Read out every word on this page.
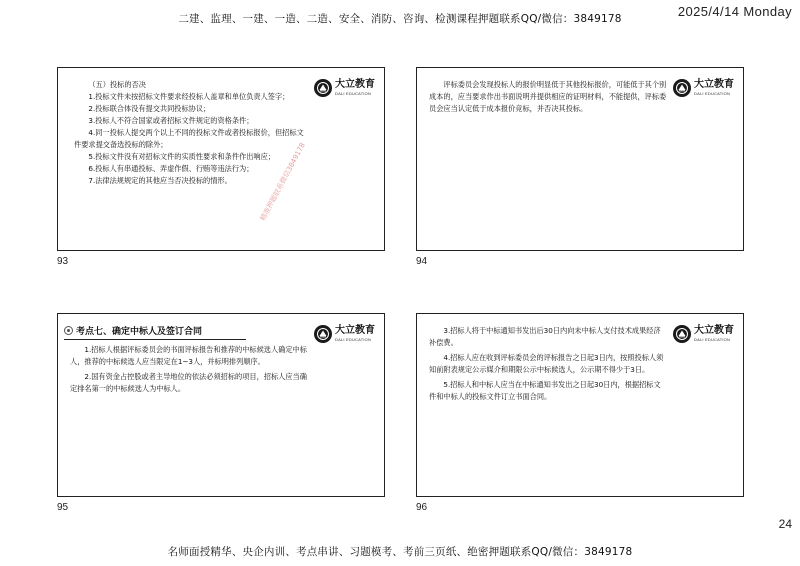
二建、监理、一建、一造、二造、安全、消防、咨询、检测课程押题联系QQ/微信：3849178	2025/4/14 Monday
大立教育
DALI EDUCATION
（五）投标的否决

1.投标文件未按招标文件要求经投标人盖章和单位负责人签字；

2.投标联合体没有提交共同投标协议；

3.投标人不符合国家或者招标文件规定的资格条件；

4.同一投标人提交两个以上不同的投标文件或者投标报价，但招标文件要求提交备选投标的除外；

5.投标文件没有对招标文件的实质性要求和条件作出响应；

6.投标人有串通投标、弄虚作假、行贿等违法行为；

7.法律法规规定的其他应当否决投标的情形。	精准押题联系微信3849178
93
大立教育
DALI EDUCATION

评标委员会发现投标人的报价明显低于其他投标报价，可能低于其个别成本的，应当要求作出书面说明并提供相应的证明材料，不能提供，评标委员会应当认定低于成本报价竞标，并否决其投标。

94
考点七、确定中标人及签订合同	大立教育
DALI EDUCATION

1.招标人根据评标委员会的书面评标报告和推荐的中标候选人确定中标人，推荐的中标候选人应当限定在1~3人，并标明排列顺序。

2.国有资金占控股或者主导地位的依法必须招标的项目，招标人应当确定排名第一的中标候选人为中标人。

95
大立教育
DALI EDUCATION

3.招标人将于中标通知书发出后30日内向未中标人支付技术成果经济补偿费。

4.招标人应在收到评标委员会的评标报告之日起3日内，按照投标人须知前附表规定公示媒介和期限公示中标候选人，公示期不得少于3日。

5.招标人和中标人应当在中标通知书发出之日起30日内，根据招标文件和中标人的投标文件订立书面合同。

96
24
名师面授精华、央企内训、考点串讲、习题模考、考前三页纸、绝密押题联系QQ/微信：3849178
